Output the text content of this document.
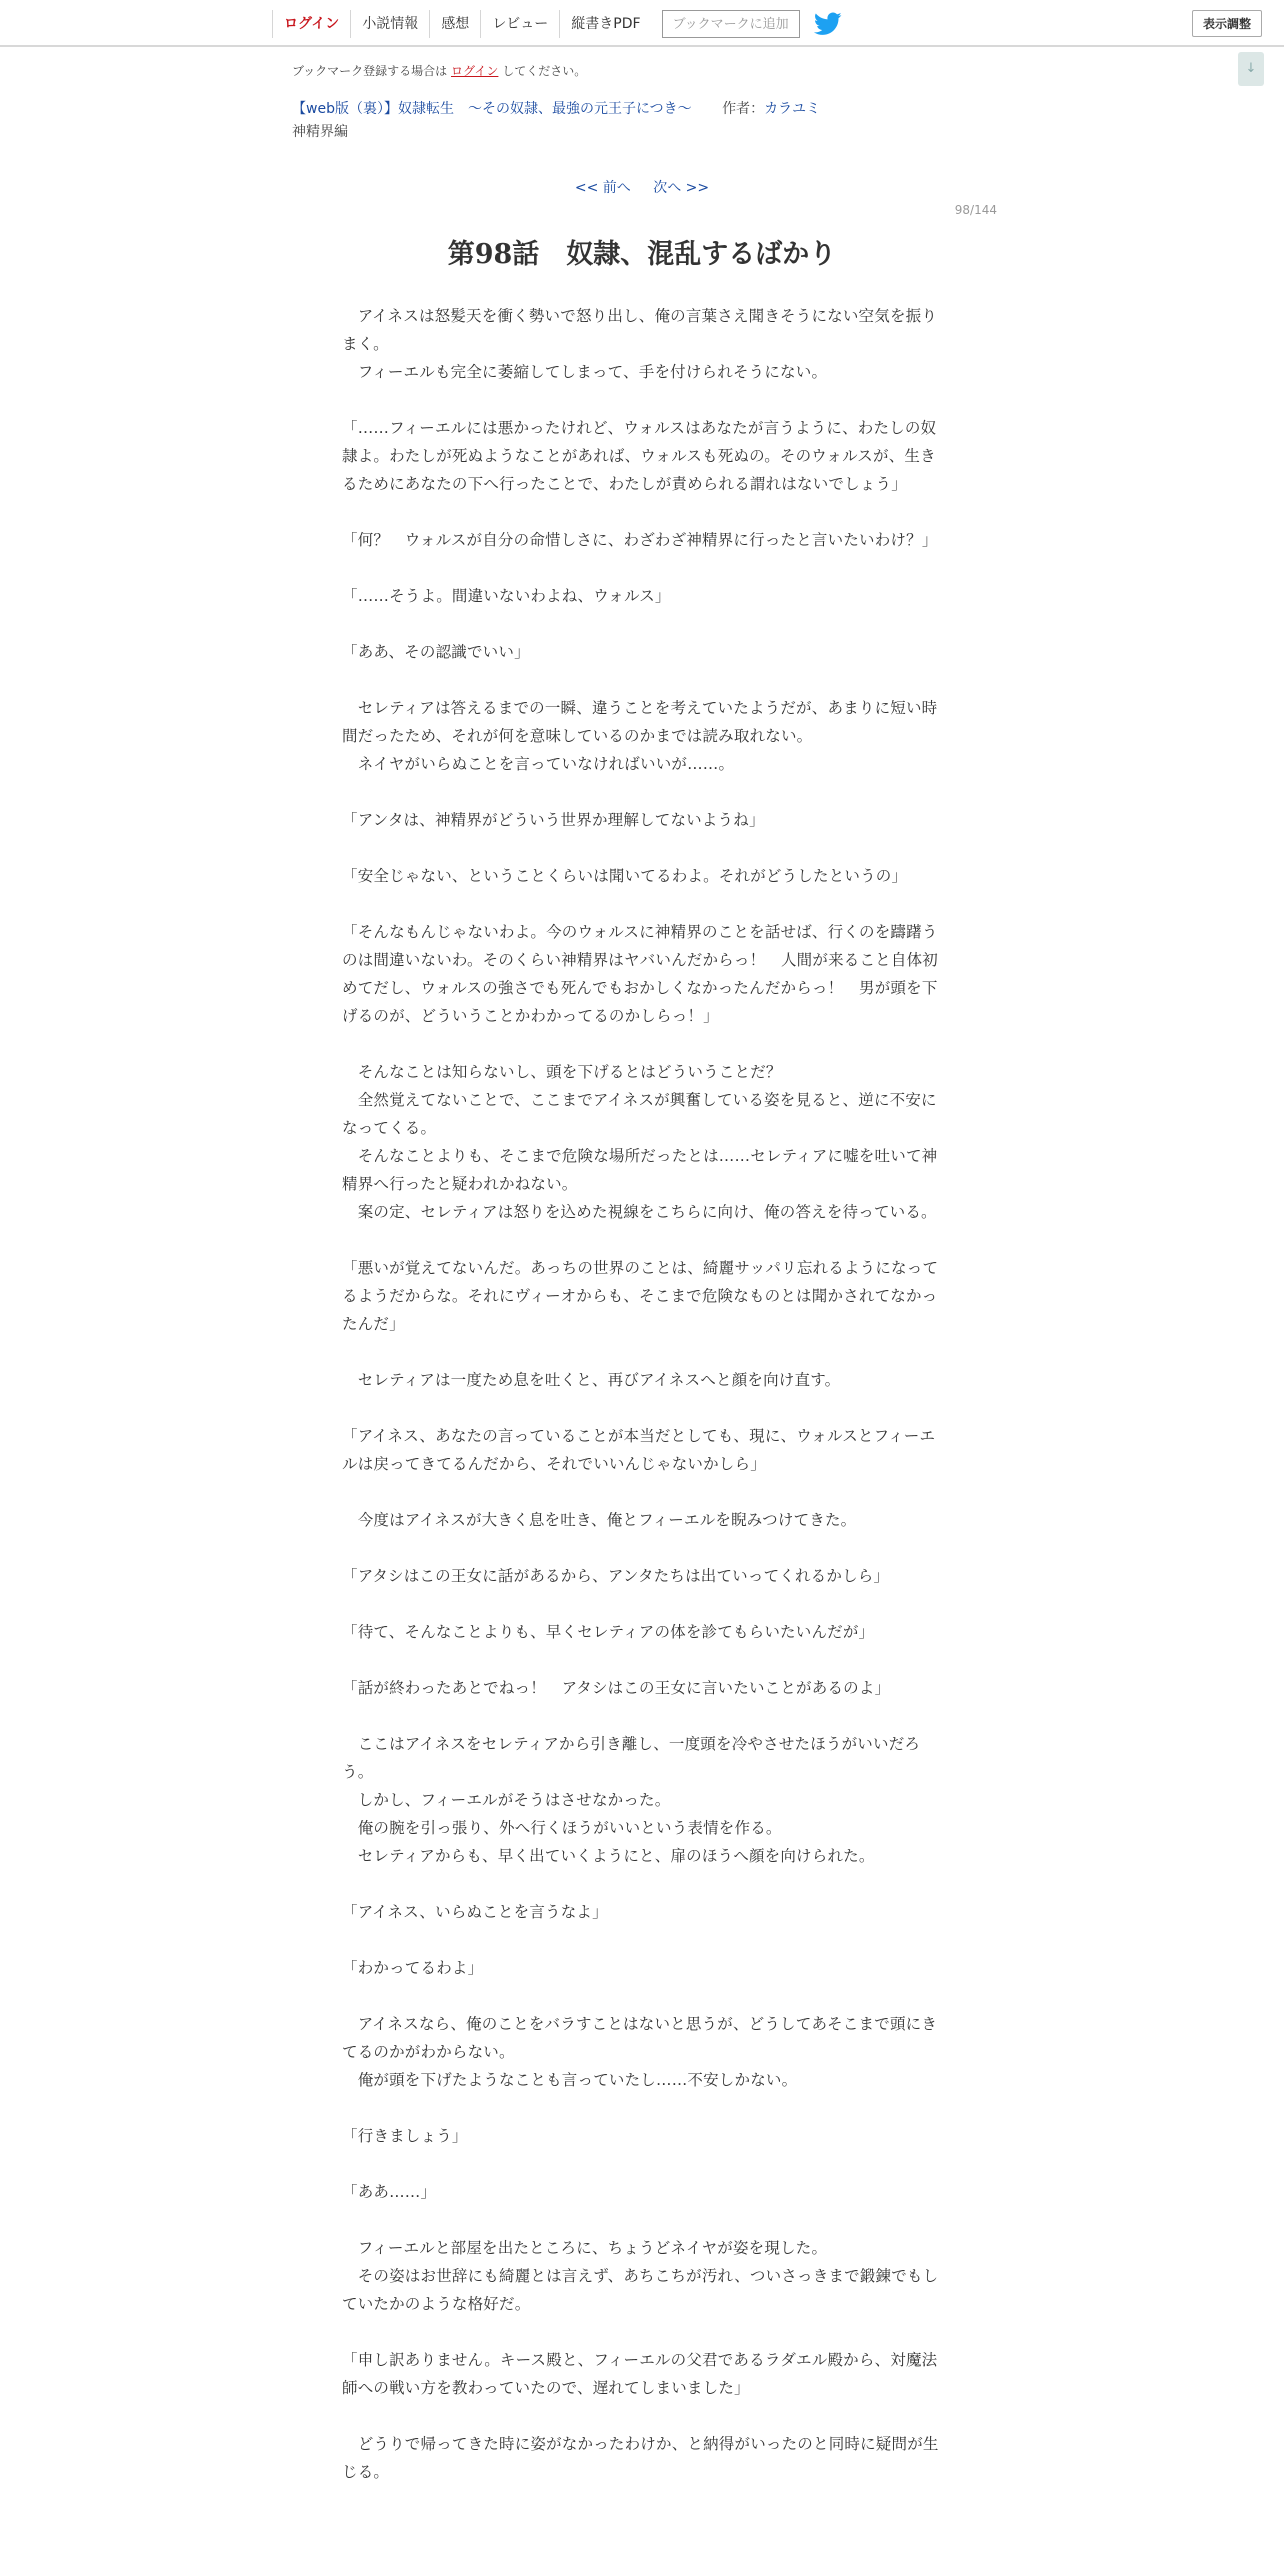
ログイン	小説情報	感想	レビュー	縦書きPDF	ブックマークに追加	表示調整
↓
ブックマーク登録する場合は ログイン してください。
【web版（裏）】奴隷転生　～その奴隷、最強の元王子につき～ 作者：カラユミ
神精界編
<< 前へ 次へ >>
98/144
第98話　奴隷、混乱するばかり

　アイネスは怒髪天を衝く勢いで怒り出し、俺の言葉さえ聞きそうにない空気を振りまく。

　フィーエルも完全に萎縮してしまって、手を付けられそうにない。

「……フィーエルには悪かったけれど、ウォルスはあなたが言うように、わたしの奴隷よ。わたしが死ぬようなことがあれば、ウォルスも死ぬの。そのウォルスが、生きるためにあなたの下へ行ったことで、わたしが責められる謂れはないでしょう」

「何？　ウォルスが自分の命惜しさに、わざわざ神精界に行ったと言いたいわけ？」

「……そうよ。間違いないわよね、ウォルス」

「ああ、その認識でいい」

　セレティアは答えるまでの一瞬、違うことを考えていたようだが、あまりに短い時間だったため、それが何を意味しているのかまでは読み取れない。

　ネイヤがいらぬことを言っていなければいいが……。

「アンタは、神精界がどういう世界か理解してないようね」

「安全じゃない、ということくらいは聞いてるわよ。それがどうしたというの」

「そんなもんじゃないわよ。今のウォルスに神精界のことを話せば、行くのを躊躇うのは間違いないわ。そのくらい神精界はヤバいんだからっ！　人間が来ること自体初めてだし、ウォルスの強さでも死んでもおかしくなかったんだからっ！　男が頭を下げるのが、どういうことかわかってるのかしらっ！」

　そんなことは知らないし、頭を下げるとはどういうことだ？

　全然覚えてないことで、ここまでアイネスが興奮している姿を見ると、逆に不安になってくる。

　そんなことよりも、そこまで危険な場所だったとは……セレティアに嘘を吐いて神精界へ行ったと疑われかねない。

　案の定、セレティアは怒りを込めた視線をこちらに向け、俺の答えを待っている。

「悪いが覚えてないんだ。あっちの世界のことは、綺麗サッパリ忘れるようになってるようだからな。それにヴィーオからも、そこまで危険なものとは聞かされてなかったんだ」

　セレティアは一度ため息を吐くと、再びアイネスへと顔を向け直す。

「アイネス、あなたの言っていることが本当だとしても、現に、ウォルスとフィーエルは戻ってきてるんだから、それでいいんじゃないかしら」

　今度はアイネスが大きく息を吐き、俺とフィーエルを睨みつけてきた。

「アタシはこの王女に話があるから、アンタたちは出ていってくれるかしら」

「待て、そんなことよりも、早くセレティアの体を診てもらいたいんだが」

「話が終わったあとでねっ！　アタシはこの王女に言いたいことがあるのよ」

　ここはアイネスをセレティアから引き離し、一度頭を冷やさせたほうがいいだろう。

　しかし、フィーエルがそうはさせなかった。

　俺の腕を引っ張り、外へ行くほうがいいという表情を作る。

　セレティアからも、早く出ていくようにと、扉のほうへ顔を向けられた。

「アイネス、いらぬことを言うなよ」

「わかってるわよ」

　アイネスなら、俺のことをバラすことはないと思うが、どうしてあそこまで頭にきてるのかがわからない。

　俺が頭を下げたようなことも言っていたし……不安しかない。

「行きましょう」

「ああ……」

　フィーエルと部屋を出たところに、ちょうどネイヤが姿を現した。

　その姿はお世辞にも綺麗とは言えず、あちこちが汚れ、ついさっきまで鍛錬でもしていたかのような格好だ。

「申し訳ありません。キース殿と、フィーエルの父君であるラダエル殿から、対魔法師への戦い方を教わっていたので、遅れてしまいました」

　どうりで帰ってきた時に姿がなかったわけか、と納得がいったのと同時に疑問が生じる。
